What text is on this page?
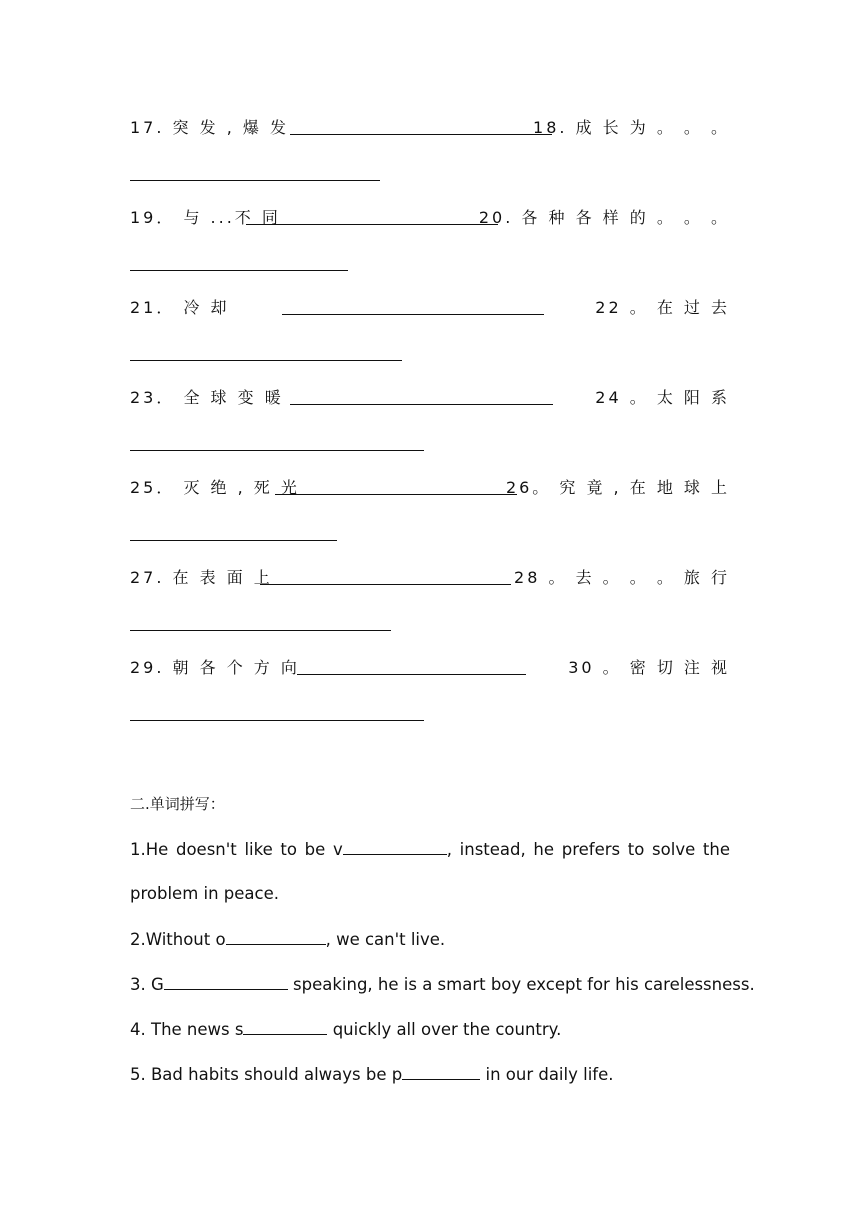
17. 突 发 , 爆 发	18. 成 长 为 。 。 。
19． 与 ...不 同	20. 各 种 各 样 的 。 。 。
21． 冷 却	22 。 在 过 去
23． 全 球 变 暖	24 。 太 阳 系
25． 灭 绝 , 死 光	26。 究 竟 , 在 地 球 上
27. 在 表 面 上	28 。 去 。 。 。 旅 行
29. 朝 各 个 方 向	30 。 密 切 注 视
二.单词拼写：
1.He doesn't like to be v	, instead, he prefers to solve the
problem in peace.
2.Without o	, we can't live.
3. G	speaking, he is a smart boy except for his carelessness.
4. The news s	quickly all over the country.
5. Bad habits should always be p	in our daily life.
